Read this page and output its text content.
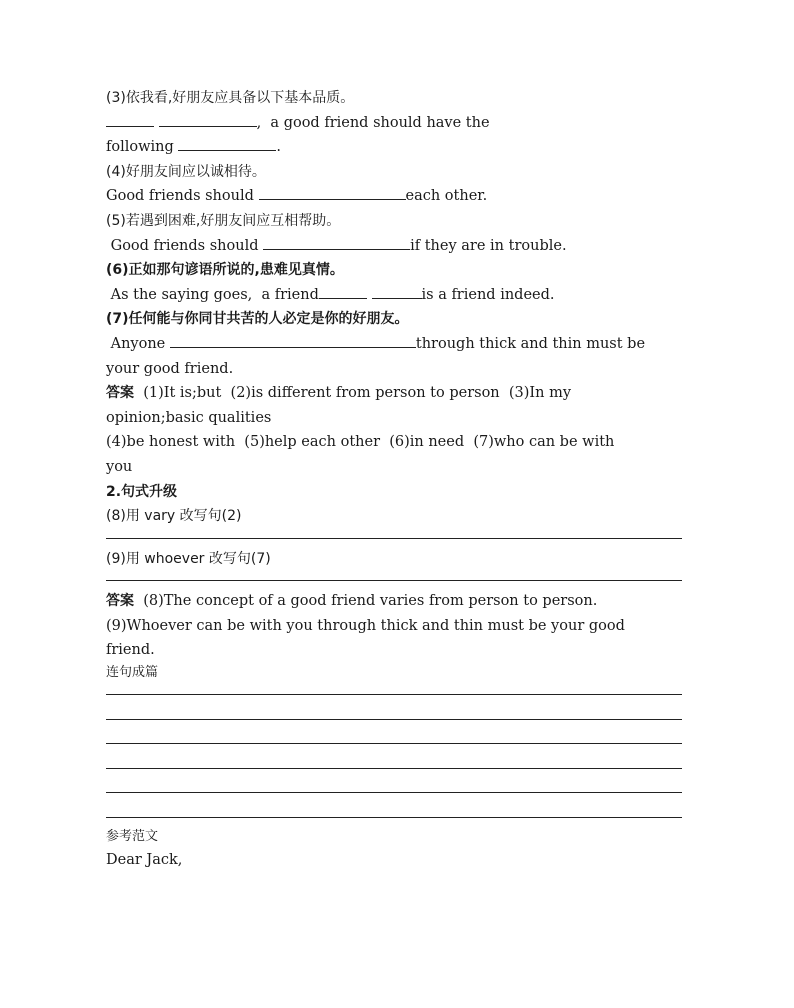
(3)依我看,好朋友应具备以下基本品质。
,  a good friend should have the
following	.
(4)好朋友间应以诚相待。
Good friends should	each other.
(5)若遇到困难,好朋友间应互相帮助。
Good friends should	if they are in trouble.
(6)正如那句谚语所说的,患难见真情。
As the saying goes,  a friend	is a friend indeed.
(7)任何能与你同甘共苦的人必定是你的好朋友。
Anyone	through thick and thin must be
your good friend.
答案  (1)It is;but  (2)is different from person to person  (3)In my
opinion;basic qualities
(4)be honest with  (5)help each other  (6)in need  (7)who can be with
you
2.句式升级
(8)用 vary 改写句(2)
(9)用 whoever 改写句(7)
答案  (8)The concept of a good friend varies from person to person.
(9)Whoever can be with you through thick and thin must be your good
friend.
连句成篇
参考范文
Dear Jack,
